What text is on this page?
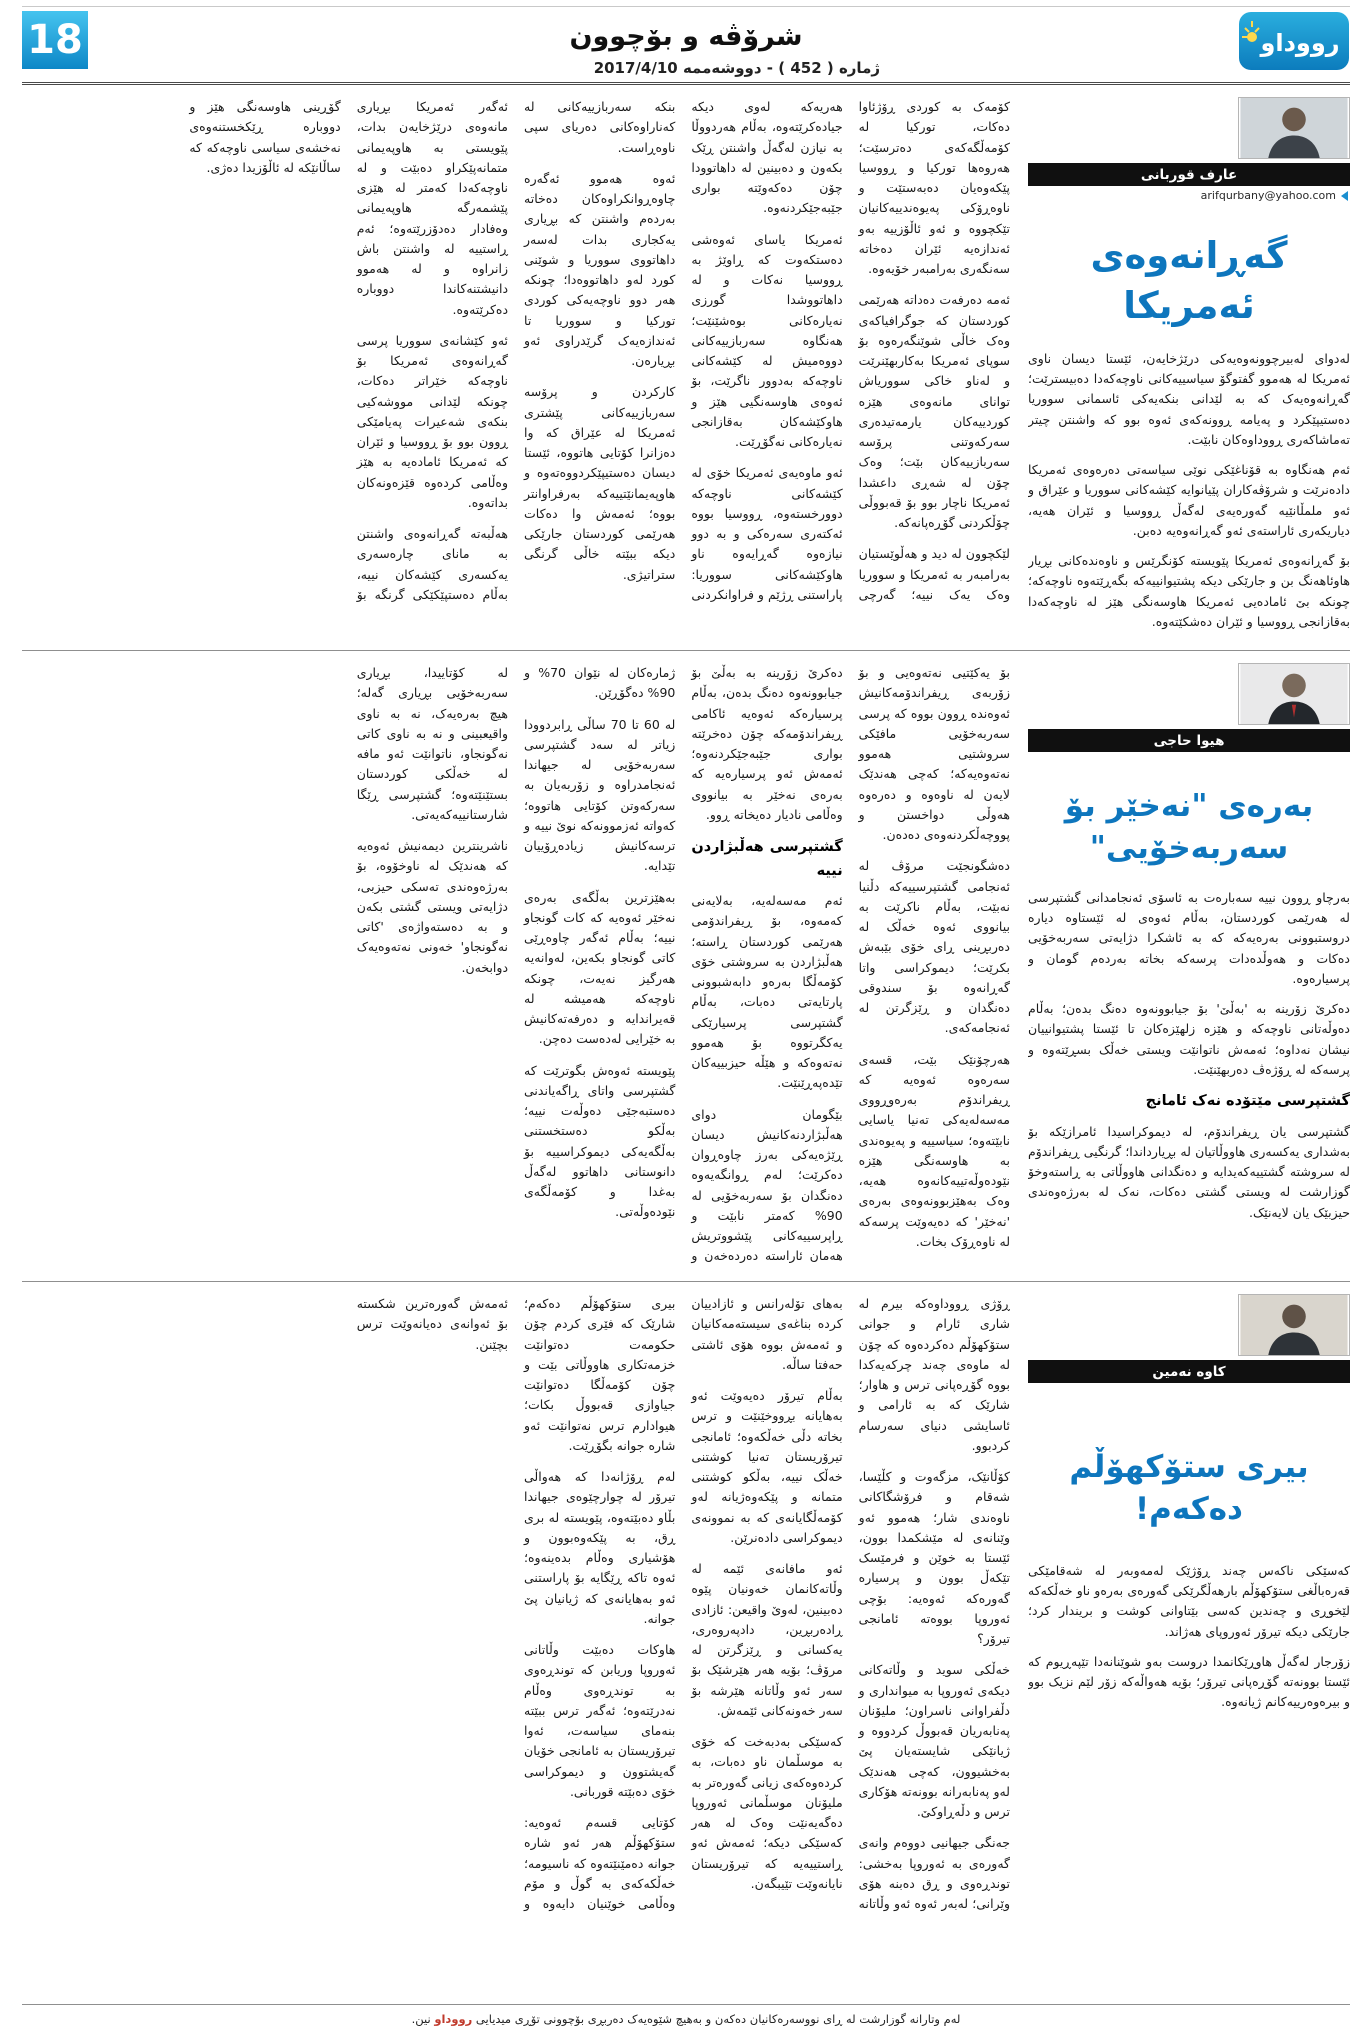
رووداو
شرۆڤە و بۆچوون
ژمارە ( 452 ) - دووشەممە 2017/4/10
18
عارف قوربانی
arifqurbany@yahoo.com
گەڕانەوەی ئەمریکا

لەدوای لەبیرچوونەوەیەکی درێژخایەن، ئێستا دیسان ناوی ئەمریکا لە هەموو گفتوگۆ سیاسییەکانی ناوچەکەدا دەبیسترێت؛ گەڕانەوەیەک کە بە لێدانی بنکەیەکی ئاسمانی سووریا دەستیپێکرد و پەیامە ڕوونەکەی ئەوە بوو کە واشنتن چیتر تەماشاکەری ڕووداوەکان نابێت.

ئەم هەنگاوە بە قۆناغێکی نوێی سیاسەتی دەرەوەی ئەمریکا دادەنرێت و شرۆڤەکاران پێیانوایە کێشەکانی سووریا و عێراق و ئەو ملمڵانێیە گەورەیەی لەگەڵ ڕووسیا و ئێران هەیە، دیاریکەری ئاراستەی ئەو گەڕانەوەیە دەبن.

بۆ گەڕانەوەی ئەمریکا پێویستە کۆنگرێس و ناوەندەکانی بڕیار هاوئاهەنگ بن و جارێکی دیکە پشتیوانییەکە بگەڕێتەوە ناوچەکە؛ چونکە بێ ئامادەیی ئەمریکا هاوسەنگی هێز لە ناوچەکەدا بەقازانجی ڕووسیا و ئێران دەشکێتەوە.

کۆمەک بە کوردی ڕۆژئاوا دەکات، تورکیا لە کۆمەڵگەکەی دەترسێت؛ هەروەها تورکیا و ڕووسیا پێکەوەیان دەبەستێت و ناوەڕۆکی پەیوەندییەکانیان تێکچووە و ئەو ئاڵۆزییە بەو ئەندازەیە ئێران دەخاتە سەنگەری بەرامبەر خۆیەوە.

ئەمە دەرفەت دەداتە هەرێمی کوردستان کە جوگرافیاکەی وەک خاڵی شوێنگەرەوە بۆ سوپای ئەمریکا بەکاربهێنرێت و لەناو خاکی سووریاش توانای مانەوەی هێزە کوردییەکان یارمەتیدەری سەرکەوتنی پرۆسە سەربازییەکان بێت؛ وەک چۆن لە شەڕی داعشدا ئەمریکا ناچار بوو بۆ قەبووڵی چۆڵکردنی گۆڕەپانەکە.

لێکچوون لە دید و هەڵوێستیان بەرامبەر بە ئەمریکا و سووریا وەک یەک نییە؛ گەرچی هەریەکە لەوی دیکە جیادەکرێتەوە، بەڵام هەردووڵا بە نیازن لەگەڵ واشنتن ڕێک بکەون و دەبینین لە داهاتوودا چۆن دەکەوێتە بواری جێبەجێکردنەوە.

ئەمریکا یاسای ئەوەشی دەستکەوت کە ڕاوێژ بە ڕووسیا نەکات و لە داهاتووشدا گورزی نەیارەکانی بوەشێنێت؛ هەنگاوە سەربازییەکانی دووەمیش لە کێشەکانی ناوچەکە بەدوور ناگرێت، بۆ ئەوەی هاوسەنگیی هێز و هاوکێشەکان بەقازانجی نەیارەکانی نەگۆڕێت.

ئەو ماوەیەی ئەمریکا خۆی لە کێشەکانی ناوچەکە دوورخستەوە، ڕووسیا بووە ئەکتەری سەرەکی و بە دوو نیازەوە گەڕایەوە ناو هاوکێشەکانی سووریا: پاراستنی ڕژێم و فراوانکردنی بنکە سەربازییەکانی لە کەناراوەکانی دەریای سپی ناوەڕاست.

ئەوە هەموو ئەگەرە چاوەڕوانکراوەکان دەخاتە بەردەم واشنتن کە بڕیاری یەکجاری بدات لەسەر داهاتووی سووریا و شوێنی کورد لەو داهاتووەدا؛ چونکە هەر دوو ناوچەیەکی کوردی تورکیا و سووریا تا ئەندازەیەک گرێدراوی ئەو بڕیارەن.

کارکردن و پرۆسە سەربازییەکانی پێشتری ئەمریکا لە عێراق کە وا دەزانرا کۆتایی هاتووە، ئێستا دیسان دەستیپێکردووەتەوە و هاوپەیمانێتییەکە بەرفراوانتر بووە؛ ئەمەش وا دەکات هەرێمی کوردستان جارێکی دیکە ببێتە خاڵی گرنگی ستراتیژی.

ئەگەر ئەمریکا بڕیاری مانەوەی درێژخایەن بدات، پێویستی بە هاوپەیمانی متمانەپێکراو دەبێت و لە ناوچەکەدا کەمتر لە هێزی پێشمەرگە هاوپەیمانی وەفادار دەدۆزرێتەوە؛ ئەم ڕاستییە لە واشنتن باش زانراوە و لە هەموو دانیشتنەکاندا دووبارە دەکرێتەوە.

ئەو کێشانەی سووریا پرسی گەڕانەوەی ئەمریکا بۆ ناوچەکە خێراتر دەکات، چونکە لێدانی مووشەکیی بنکەی شەعیرات پەیامێکی ڕوون بوو بۆ ڕووسیا و ئێران کە ئەمریکا ئامادەیە بە هێز وەڵامی کردەوە قێزەونەکان بداتەوە.

هەڵبەتە گەڕانەوەی واشنتن بە مانای چارەسەری یەکسەری کێشەکان نییە، بەڵام دەستپێکێکی گرنگە بۆ گۆڕینی هاوسەنگی هێز و دووبارە ڕێکخستنەوەی نەخشەی سیاسی ناوچەکە کە ساڵانێکە لە ئاڵۆزیدا دەژی.

هیوا حاجی
بەرەی "نەخێر بۆ
سەربەخۆیی"

بەرچاو ڕوون نییە سەبارەت بە ئاسۆی ئەنجامدانی گشتپرسی لە هەرێمی کوردستان، بەڵام ئەوەی لە ئێستاوە دیارە دروستبوونی بەرەیەکە کە بە ئاشکرا دژایەتی سەربەخۆیی دەکات و هەوڵدەدات پرسەکە بخاتە بەردەم گومان و پرسیارەوە.

دەکرێ زۆرینە بە 'بەڵێ' بۆ جیابوونەوە دەنگ بدەن؛ بەڵام دەوڵەتانی ناوچەکە و هێزە زلهێزەکان تا ئێستا پشتیوانییان نیشان نەداوە؛ ئەمەش ناتوانێت ویستی خەڵک بسڕێتەوە و پرسەکە لە ڕۆژەڤ دەربهێنێت.

گشتپرسی مێتۆدە نەک ئامانج

گشتپرسی یان ڕیفراندۆم، لە دیموکراسیدا ئامرازێکە بۆ بەشداری یەکسەری هاووڵاتیان لە بڕیارداندا؛ گرنگیی ڕیفراندۆم لە سروشتە گشتییەکەیدایە و دەنگدانی هاووڵاتی بە ڕاستەوخۆ گوزارشت لە ویستی گشتی دەکات، نەک لە بەرژەوەندی حیزبێک یان لایەنێک.

بۆ یەکێتیی نەتەوەیی و بۆ زۆربەی ڕیفراندۆمەکانیش ئەوەندە ڕوون بووە کە پرسی سەربەخۆیی مافێکی سروشتیی هەموو نەتەوەیەکە؛ کەچی هەندێک لایەن لە ناوەوە و دەرەوە هەوڵی دواخستن و پووچەڵکردنەوەی دەدەن.

دەشگونجێت مرۆڤ لە ئەنجامی گشتپرسییەکە دڵنیا نەبێت، بەڵام ناکرێت بە بیانووی ئەوە خەڵک لە دەربڕینی ڕای خۆی بێبەش بکرێت؛ دیموکراسی واتا گەڕانەوە بۆ سندوقی دەنگدان و ڕێزگرتن لە ئەنجامەکەی.

هەرچۆنێک بێت، قسەی سەرەوە ئەوەیە کە ڕیفراندۆم بەرەوڕووی مەسەلەیەکی تەنیا یاسایی نابێتەوە؛ سیاسییە و پەیوەندی بە هاوسەنگی هێزە نێودەوڵەتییەکانەوە هەیە، وەک بەهێزبوونەوەی بەرەی 'نەخێر' کە دەیەوێت پرسەکە لە ناوەڕۆک بخات.

دەکرێ زۆرینە بە بەڵێ بۆ جیابوونەوە دەنگ بدەن، بەڵام پرسیارەکە ئەوەیە ئاکامی ڕیفراندۆمەکە چۆن دەخرێتە بواری جێبەجێکردنەوە؛ ئەمەش ئەو پرسیارەیە کە بەرەی نەخێر بە بیانووی وەڵامی نادیار دەیخاتە ڕوو.

گشتپرسی هەڵبژاردن نییە

ئەم مەسەلەیە، بەلایەنی کەمەوە، بۆ ڕیفراندۆمی هەرێمی کوردستان ڕاستە؛ هەڵبژاردن بە سروشتی خۆی کۆمەڵگا بەرەو دابەشبوونی پارتایەتی دەبات، بەڵام گشتپرسی پرسیارێکی یەکگرتووە بۆ هەموو نەتەوەکە و هێڵە حیزبییەکان تێدەپەڕێنێت.

بێگومان دوای هەڵبژاردنەکانیش دیسان ڕێژەیەکی بەرز چاوەڕوان دەکرێت؛ لەم ڕوانگەیەوە دەنگدان بۆ سەربەخۆیی لە 90% کەمتر نابێت و ڕاپرسییەکانی پێشووتریش هەمان ئاراستە دەردەخەن و ژمارەکان لە نێوان 70% و 90% دەگۆڕێن.

لە 60 تا 70 ساڵی ڕابردوودا زیاتر لە سەد گشتپرسی سەربەخۆیی لە جیهاندا ئەنجامدراوە و زۆربەیان بە سەرکەوتن کۆتایی هاتووە؛ کەواتە ئەزموونەکە نوێ نییە و ترسەکانیش زیادەڕۆییان تێدایە.

بەهێزترین بەڵگەی بەرەی نەخێر ئەوەیە کە کات گونجاو نییە؛ بەڵام ئەگەر چاوەڕێی کاتی گونجاو بکەین، لەوانەیە هەرگیز نەیەت، چونکە ناوچەکە هەمیشە لە قەیراندایە و دەرفەتەکانیش بە خێرایی لەدەست دەچن.

پێویستە ئەوەش بگوترێت کە گشتپرسی واتای ڕاگەیاندنی دەستبەجێی دەوڵەت نییە؛ بەڵکو دەستخستنی بەڵگەیەکی دیموکراسییە بۆ دانوستانی داهاتوو لەگەڵ بەغدا و کۆمەڵگەی نێودەوڵەتی.

لە کۆتاییدا، بڕیاری سەربەخۆیی بڕیاری گەلە؛ هیچ بەرەیەک، نە بە ناوی واقیعبینی و نە بە ناوی کاتی نەگونجاو، ناتوانێت ئەو مافە لە خەڵکی کوردستان بستێنێتەوە؛ گشتپرسی ڕێگا شارستانییەکەیەتی.

ناشرینترین دیمەنیش ئەوەیە کە هەندێک لە ناوخۆوە، بۆ بەرژەوەندی تەسکی حیزبی، دژایەتی ویستی گشتی بکەن و بە دەستەواژەی 'کاتی نەگونجاو' خەونی نەتەوەیەک دوابخەن.

کاوە نەمین
بیری ستۆکهۆڵم دەکەم!

کەسێکی ناکەس چەند ڕۆژێک لەمەوبەر لە شەقامێکی قەرەباڵغی ستۆکهۆڵم بارهەڵگرێکی گەورەی بەرەو ناو خەڵکەکە لێخوڕی و چەندین کەسی بێتاوانی کوشت و بریندار کرد؛ جارێکی دیکە تیرۆر ئەوروپای هەژاند.

زۆرجار لەگەڵ هاوڕێکانمدا دروست بەو شوێنانەدا تێپەڕیوم کە ئێستا بوونەتە گۆڕەپانی تیرۆر؛ بۆیە هەواڵەکە زۆر لێم نزیک بوو و بیرەوەرییەکانم ژیانەوە.

ڕۆژی ڕووداوەکە بیرم لە شاری ئارام و جوانی ستۆکهۆڵم دەکردەوە کە چۆن لە ماوەی چەند چرکەیەکدا بووە گۆڕەپانی ترس و هاوار؛ شارێک کە بە ئارامی و ئاسایشی دنیای سەرسام کردبوو.

کۆڵانێک، مزگەوت و کڵێسا، شەقام و فرۆشگاکانی ناوەندی شار؛ هەموو ئەو وێنانەی لە مێشکمدا بوون، ئێستا بە خوێن و فرمێسک تێکەڵ بوون و پرسیارە گەورەکە ئەوەیە: بۆچی ئەوروپا بووەتە ئامانجی تیرۆر؟

خەڵکی سوید و وڵاتەکانی دیکەی ئەوروپا بە میوانداری و دڵفراوانی ناسراون؛ ملیۆنان پەنابەریان قەبووڵ کردووە و ژیانێکی شایستەیان پێ بەخشیوون، کەچی هەندێک لەو پەنابەرانە بوونەتە هۆکاری ترس و دڵەڕاوکێ.

جەنگی جیهانیی دووەم وانەی گەورەی بە ئەوروپا بەخشی: توندڕەوی و ڕق دەبنە هۆی وێرانی؛ لەبەر ئەوە ئەو وڵاتانە بەهای تۆلەرانس و ئازادییان کردە بناغەی سیستەمەکانیان و ئەمەش بووە هۆی ئاشتی حەفتا ساڵە.

بەڵام تیرۆر دەیەوێت ئەو بەهایانە بڕووخێنێت و ترس بخاتە دڵی خەڵکەوە؛ ئامانجی تیرۆریستان تەنیا کوشتنی خەڵک نییە، بەڵکو کوشتنی متمانە و پێکەوەژیانە لەو کۆمەڵگایانەی کە بە نموونەی دیموکراسی دادەنرێن.

ئەو مافانەی ئێمە لە وڵاتەکانمان خەونیان پێوە دەبینین، لەوێ واقیعن: ئازادی ڕادەربڕین، دادپەروەری، یەکسانی و ڕێزگرتن لە مرۆڤ؛ بۆیە هەر هێرشێک بۆ سەر ئەو وڵاتانە هێرشە بۆ سەر خەونەکانی ئێمەش.

کەسێکی بەدبەخت کە خۆی بە موسڵمان ناو دەبات، بە کردەوەکەی زیانی گەورەتر بە ملیۆنان موسڵمانی ئەوروپا دەگەیەنێت وەک لە هەر کەسێکی دیکە؛ ئەمەش ئەو ڕاستییەیە کە تیرۆریستان نایانەوێت تێیبگەن.

بیری ستۆکهۆڵم دەکەم؛ شارێک کە فێری کردم چۆن حکومەت دەتوانێت خزمەتکاری هاووڵاتی بێت و چۆن کۆمەڵگا دەتوانێت جیاوازی قەبووڵ بکات؛ هیوادارم ترس نەتوانێت ئەو شارە جوانە بگۆڕێت.

لەم ڕۆژانەدا کە هەواڵی تیرۆر لە چوارچێوەی جیهاندا بڵاو دەبێتەوە، پێویستە لە بری ڕق، بە پێکەوەبوون و هۆشیاری وەڵام بدەینەوە؛ ئەوە تاکە ڕێگایە بۆ پاراستنی ئەو بەهایانەی کە ژیانیان پێ جوانە.

هاوکات دەبێت وڵاتانی ئەوروپا وریابن کە توندڕەوی بە توندڕەوی وەڵام نەدرێتەوە؛ ئەگەر ترس ببێتە بنەمای سیاسەت، ئەوا تیرۆریستان بە ئامانجی خۆیان گەیشتوون و دیموکراسی خۆی دەبێتە قوربانی.

کۆتایی قسەم ئەوەیە: ستۆکهۆڵم هەر ئەو شارە جوانە دەمێنێتەوە کە ناسیومە؛ خەڵکەکەی بە گوڵ و مۆم وەڵامی خوێنیان دایەوە و ئەمەش گەورەترین شکستە بۆ ئەوانەی دەیانەوێت ترس بچێنن.

لەم وتارانە گوزارشت لە ڕای نووسەرەکانیان دەکەن و بەهیچ شێوەیەک دەربڕی بۆچوونی تۆڕی میدیایی رووداو نین.
